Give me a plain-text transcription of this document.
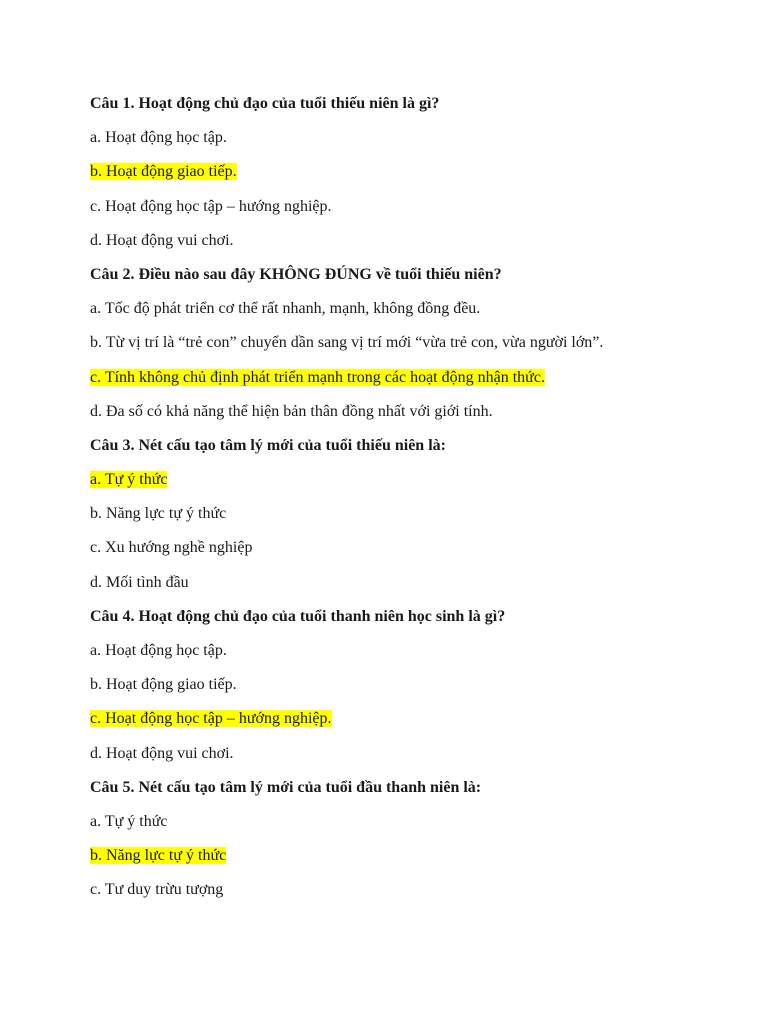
Câu 1. Hoạt động chủ đạo của tuổi thiếu niên là gì?
a. Hoạt động học tập.
b. Hoạt động giao tiếp.
c. Hoạt động học tập – hướng nghiệp.
d. Hoạt động vui chơi.
Câu 2. Điều nào sau đây KHÔNG ĐÚNG về tuổi thiếu niên?
a. Tốc độ phát triển cơ thể rất nhanh, mạnh, không đồng đều.
b. Từ vị trí là “trẻ con” chuyển dần sang vị trí mới “vừa trẻ con, vừa người lớn”.
c. Tính không chủ định phát triển mạnh trong các hoạt động nhận thức.
d. Đa số có khả năng thể hiện bản thân đồng nhất với giới tính.
Câu 3. Nét cấu tạo tâm lý mới của tuổi thiếu niên là:
a. Tự ý thức
b. Năng lực tự ý thức
c. Xu hướng nghề nghiệp
d. Mối tình đầu
Câu 4. Hoạt động chủ đạo của tuổi thanh niên học sinh là gì?
a. Hoạt động học tập.
b. Hoạt động giao tiếp.
c. Hoạt động học tập – hướng nghiệp.
d. Hoạt động vui chơi.
Câu 5. Nét cấu tạo tâm lý mới của tuổi đầu thanh niên là:
a. Tự ý thức
b. Năng lực tự ý thức
c. Tư duy trừu tượng
